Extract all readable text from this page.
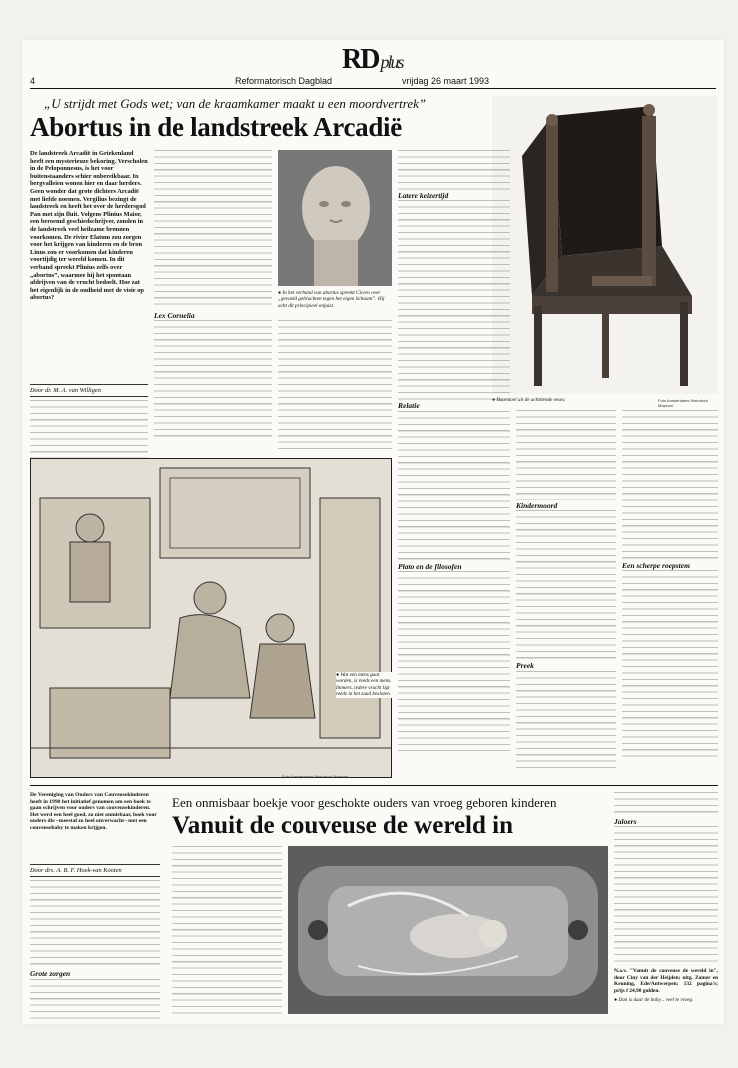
RD plus
4	Reformatorisch Dagblad	vrijdag 26 maart 1993
„U strijdt met Gods wet; van de kraamkamer maakt u een moordvertrek”
Abortus in de landstreek Arcadië
● Baarstoel uit de achttiende eeuw.	Foto Amsterdams Historisch Museum
De landstreek Arcadië in Griekenland heeft een mysterieuze bekoring. Verscholen in de Peloponnesus, is het voor buitenstaanders schier onbereikbaar. In bergvalleien wonen hier en daar herders. Geen wonder dat grote dichters Arcadië met liefde noemen. Vergilius bezingt de landstreek en heeft het over de herdersgod Pan met zijn fluit. Volgens Plinius Maior, een beroemd geschiedschrijver, zonden in de landstreek veel heilzame bronnen voorkomen. De rivier Elatum zou zorgen voor het krijgen van kinderen en de bron Linus zou er voorkomen dat kinderen voortijdig ter wereld komen. In dit verband spreekt Plinius zelfs over „abortus”, waarmee hij het spontaan afdrijven van de vrucht bedoelt. Hoe zat het eigenlijk in de oudheid met de visie op abortus?
Door dr. M. A. van Willigen
Lex Cornelia
● In het verband van abortus spreekt Cicero over „gevoeld gebrachten tegen het eigen lichaam”. Hij acht dit principieel onjuist.
Latere keizertijd
Relatie
Plato en de filosofen
● Wat een mens gaat worden, is reeds een mens. Immers, iedere vrucht ligt reeds in het zaad besloten.
Foto Amsterdams Historisch Museum
Kindermoord
Preek
Een scherpe roepstem
De Vereniging van Ouders van Couveusekinderen heeft in 1990 het initiatief genomen om een boek te gaan schrijven voor ouders van couveusekinderen. Het werd een heel goed, zo niet onmisbaar, boek voor ouders die –meestal zo heel onverwacht– met een couveusebaby te maken krijgen.
Door drs. A. B. F. Hoek-van Kooten
Grote zorgen
Een onmisbaar boekje voor geschokte ouders van vroeg geboren kinderen
Vanuit de couveuse de wereld in	Jaloers
N.a.v. "Vanuit de couveuse de wereld in", door Ciny van der Heijden; uitg. Zomer en Keuning, Ede/Antwerpen; 132 pagina's; prijs f 24,90 gulden.
● Dan is daar de baby... veel te vroeg.
